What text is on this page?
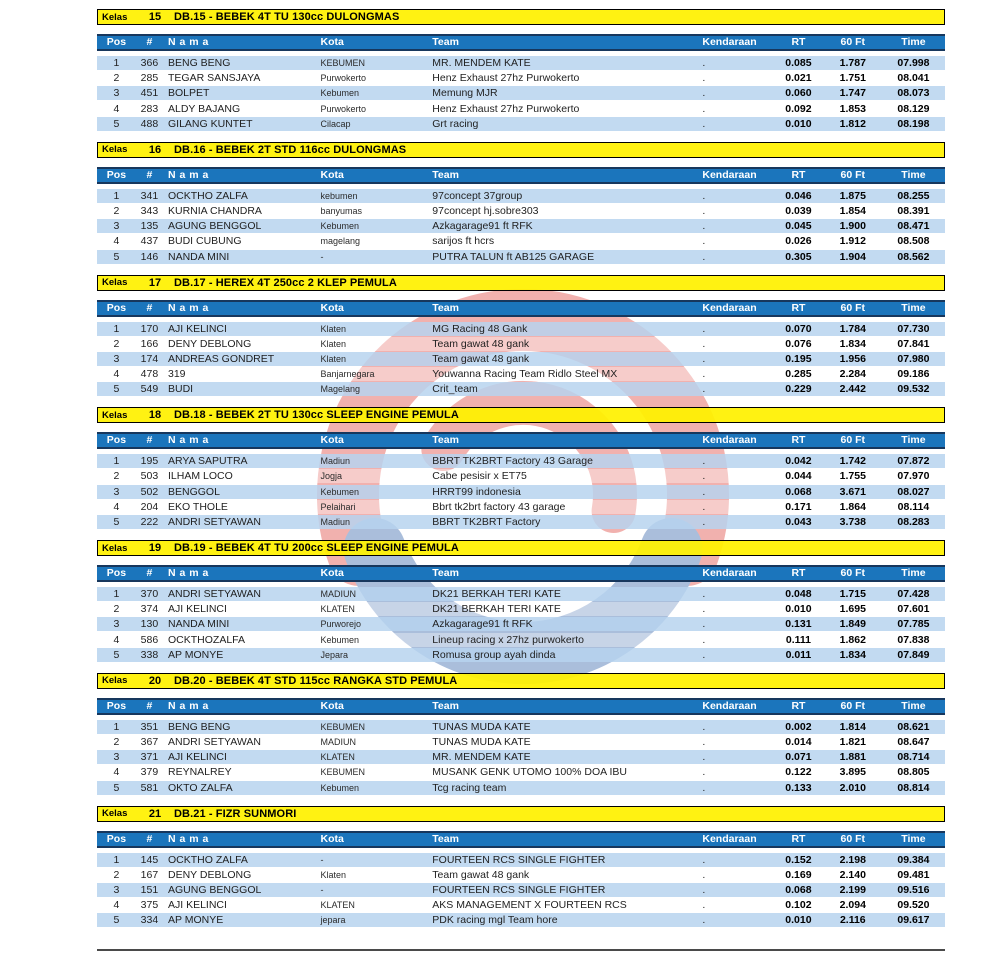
Kelas	15	DB.15 - BEBEK 4T TU 130cc DULONGMAS
Pos	#	N a m a	Kota	Team	Kendaraan	RT	60 Ft	Time
1	366 BENG BENG	KEBUMEN	MR. MENDEM KATE	.	0.085	1.787	07.998
2	285 TEGAR SANSJAYA	Purwokerto	Henz Exhaust 27hz Purwokerto	.	0.021	1.751	08.041
3	451 BOLPET	Kebumen	Memung MJR	.	0.060	1.747	08.073
4	283 ALDY BAJANG	Purwokerto	Henz Exhaust 27hz Purwokerto	.	0.092	1.853	08.129
5	488 GILANG KUNTET	Cilacap	Grt racing	.	0.010	1.812	08.198
Kelas	16	DB.16 - BEBEK 2T STD 116cc DULONGMAS
Pos	#	N a m a	Kota	Team	Kendaraan	RT	60 Ft	Time
1	341 OCKTHO ZALFA	kebumen	97concept 37group	.	0.046	1.875	08.255
2	343 KURNIA CHANDRA	banyumas	97concept hj.sobre303	.	0.039	1.854	08.391
3	135 AGUNG BENGGOL	Kebumen	Azkagarage91 ft RFK	.	0.045	1.900	08.471
4	437 BUDI CUBUNG	magelang	sarijos ft hcrs	.	0.026	1.912	08.508
5	146 NANDA MINI	-	PUTRA TALUN ft AB125 GARAGE	.	0.305	1.904	08.562
Kelas	17	DB.17 - HEREX 4T 250cc 2 KLEP PEMULA
Pos	#	N a m a	Kota	Team	Kendaraan	RT	60 Ft	Time
1	170 AJI KELINCI	Klaten	MG Racing 48 Gank	.	0.070	1.784	07.730
2	166 DENY DEBLONG	Klaten	Team gawat 48 gank	.	0.076	1.834	07.841
3	174 ANDREAS GONDRET	Klaten	Team gawat 48 gank	.	0.195	1.956	07.980
4	478 319	Banjarnegara	Youwanna Racing Team Ridlo Steel MX	.	0.285	2.284	09.186
5	549 BUDI	Magelang	Crit_team	.	0.229	2.442	09.532
Kelas	18	DB.18 - BEBEK 2T TU 130cc SLEEP ENGINE PEMULA
Pos	#	N a m a	Kota	Team	Kendaraan	RT	60 Ft	Time
1	195 ARYA SAPUTRA	Madiun	BBRT TK2BRT Factory 43 Garage	.	0.042	1.742	07.872
2	503 ILHAM LOCO	Jogja	Cabe pesisir x ET75	.	0.044	1.755	07.970
3	502 BENGGOL	Kebumen	HRRT99 indonesia	.	0.068	3.671	08.027
4	204 EKO THOLE	Pelaihari	Bbrt tk2brt factory 43 garage	.	0.171	1.864	08.114
5	222 ANDRI SETYAWAN	Madiun	BBRT TK2BRT Factory	.	0.043	3.738	08.283
Kelas	19	DB.19 - BEBEK 4T TU 200cc SLEEP ENGINE PEMULA
Pos	#	N a m a	Kota	Team	Kendaraan	RT	60 Ft	Time
1	370 ANDRI SETYAWAN	MADIUN	DK21 BERKAH TERI KATE	.	0.048	1.715	07.428
2	374 AJI KELINCI	KLATEN	DK21 BERKAH TERI KATE	.	0.010	1.695	07.601
3	130 NANDA MINI	Purworejo	Azkagarage91 ft RFK	.	0.131	1.849	07.785
4	586 OCKTHOZALFA	Kebumen	Lineup racing x 27hz purwokerto	.	0.111	1.862	07.838
5	338 AP MONYE	Jepara	Romusa group ayah dinda	.	0.011	1.834	07.849
Kelas	20	DB.20 - BEBEK 4T STD 115cc RANGKA STD PEMULA
Pos	#	N a m a	Kota	Team	Kendaraan	RT	60 Ft	Time
1	351 BENG BENG	KEBUMEN	TUNAS MUDA KATE	.	0.002	1.814	08.621
2	367 ANDRI SETYAWAN	MADIUN	TUNAS MUDA KATE	.	0.014	1.821	08.647
3	371 AJI KELINCI	KLATEN	MR. MENDEM KATE	.	0.071	1.881	08.714
4	379 REYNALREY	KEBUMEN	MUSANK GENK UTOMO 100% DOA IBU	.	0.122	3.895	08.805
5	581 OKTO ZALFA	Kebumen	Tcg racing team	.	0.133	2.010	08.814
Kelas	21	DB.21 - FIZR SUNMORI
Pos	#	N a m a	Kota	Team	Kendaraan	RT	60 Ft	Time
1	145 OCKTHO ZALFA	-	FOURTEEN RCS SINGLE FIGHTER	.	0.152	2.198	09.384
2	167 DENY DEBLONG	Klaten	Team gawat 48 gank	.	0.169	2.140	09.481
3	151 AGUNG BENGGOL	-	FOURTEEN RCS SINGLE FIGHTER	.	0.068	2.199	09.516
4	375 AJI KELINCI	KLATEN	AKS MANAGEMENT X FOURTEEN RCS	.	0.102	2.094	09.520
5	334 AP MONYE	jepara	PDK racing mgl Team hore	.	0.010	2.116	09.617
